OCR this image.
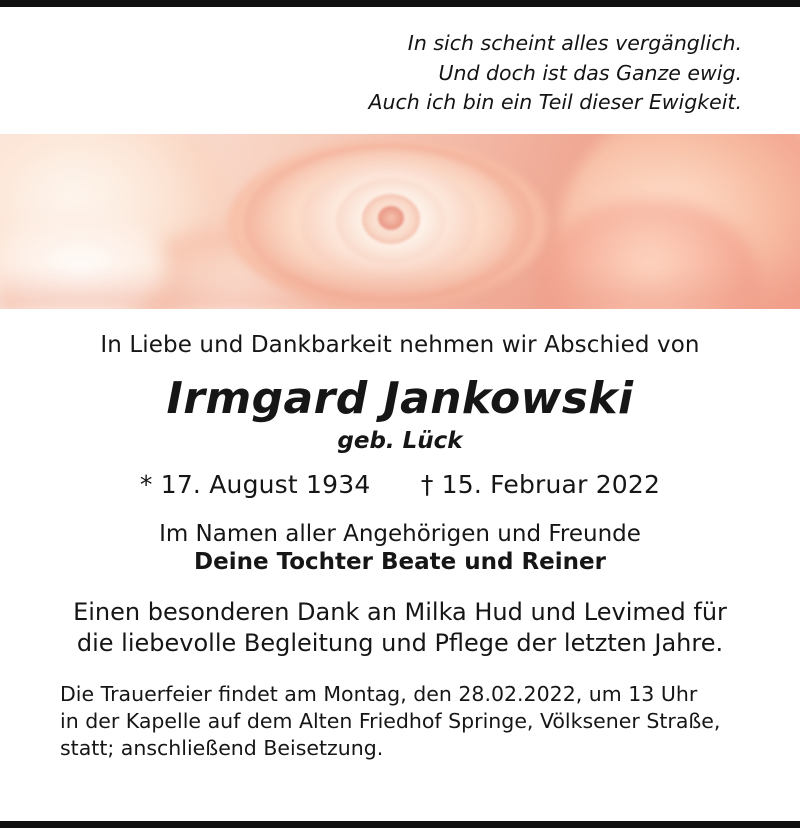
In sich scheint alles vergänglich.
Und doch ist das Ganze ewig.
Auch ich bin ein Teil dieser Ewigkeit.
In Liebe und Dankbarkeit nehmen wir Abschied von
Irmgard Jankowski
geb. Lück
* 17. August 1934 † 15. Februar 2022
Im Namen aller Angehörigen und Freunde
Deine Tochter Beate und Reiner
Einen besonderen Dank an Milka Hud und Levimed für
die liebevolle Begleitung und Pflege der letzten Jahre.
Die Trauerfeier findet am Montag, den 28.02.2022, um 13 Uhr
in der Kapelle auf dem Alten Friedhof Springe, Völksener Straße,
statt; anschließend Beisetzung.
